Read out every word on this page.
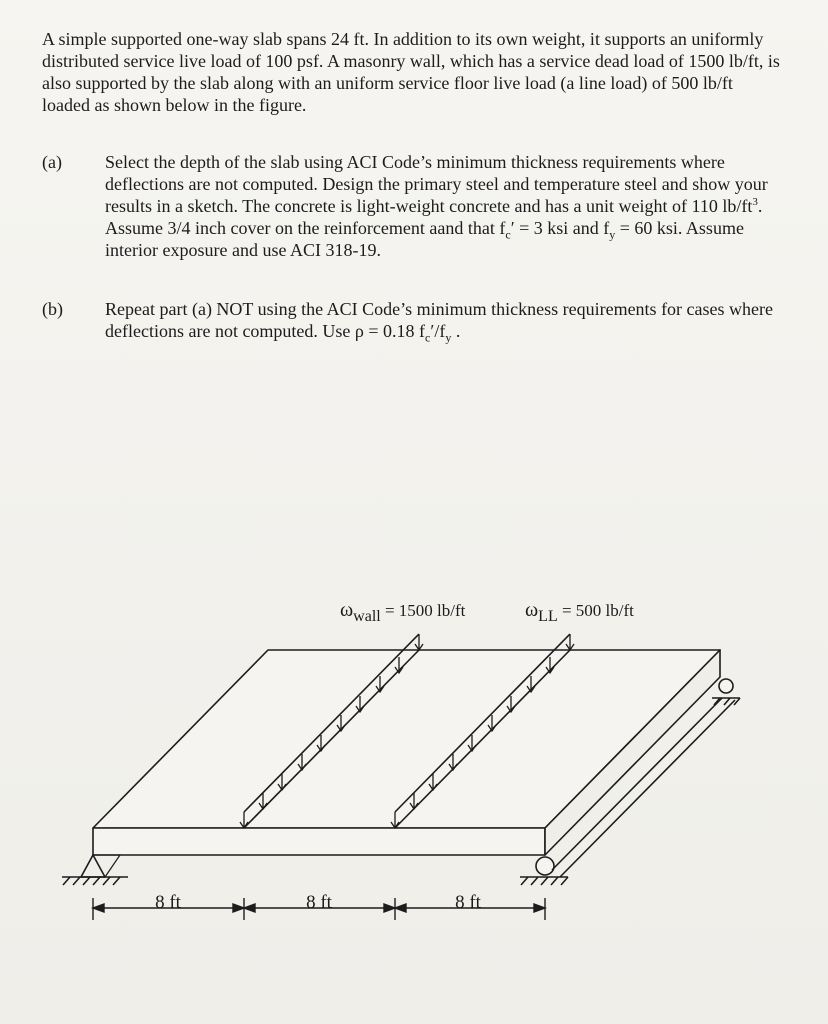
A simple supported one-way slab spans 24 ft. In addition to its own weight, it supports an uniformly distributed service live load of 100 psf. A masonry wall, which has a service dead load of 1500 lb/ft, is also supported by the slab along with an uniform service floor live load (a line load) of 500 lb/ft loaded as shown below in the figure.

(a)	Select the depth of the slab using ACI Code’s minimum thickness requirements where deflections are not computed. Design the primary steel and temperature steel and show your results in a sketch. The concrete is light-weight concrete and has a unit weight of 110 $lb/ft^3$. Assume 3/4 inch cover on the reinforcement aand that $f_c' = 3$ ksi and $f_y = 60$ ksi. Assume interior exposure and use ACI 318-19.
(b)	Repeat part (a) NOT using the ACI Code’s minimum thickness requirements for cases where deflections are not computed. Use ρ = 0.18 $f_c'/f_y$ .
$\omega_{wall}$ $^{= 1500 lb/ft}$	$\omega_{LL}$ $^{= 500 lb/ft}$
8 ft	8 ft	8 ft
